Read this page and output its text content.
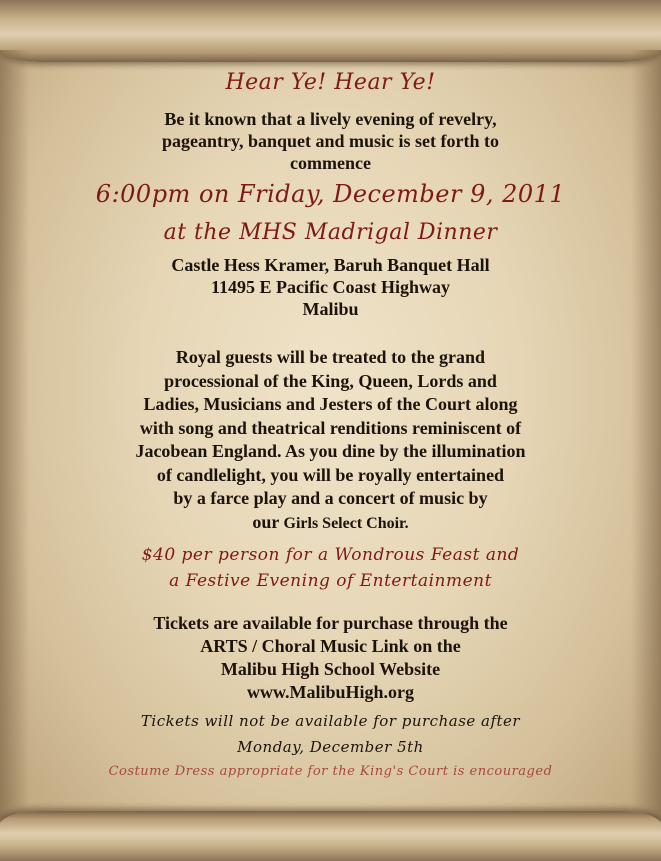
Hear Ye! Hear Ye!
Be it known that a lively evening of revelry,
pageantry, banquet and music is set forth to
commence
6:00pm on Friday, December 9, 2011
at the MHS Madrigal Dinner
Castle Hess Kramer, Baruh Banquet Hall
11495 E Pacific Coast Highway
Malibu
Royal guests will be treated to the grand
processional of the King, Queen, Lords and
Ladies, Musicians and Jesters of the Court along
with song and theatrical renditions reminiscent of
Jacobean England. As you dine by the illumination
of candlelight, you will be royally entertained
by a farce play and a concert of music by
our Girls Select Choir.
$40 per person for a Wondrous Feast and
a Festive Evening of Entertainment
Tickets are available for purchase through the
ARTS / Choral Music Link on the
Malibu High School Website
www.MalibuHigh.org
Tickets will not be available for purchase after
Monday, December 5th
Costume Dress appropriate for the King's Court is encouraged
